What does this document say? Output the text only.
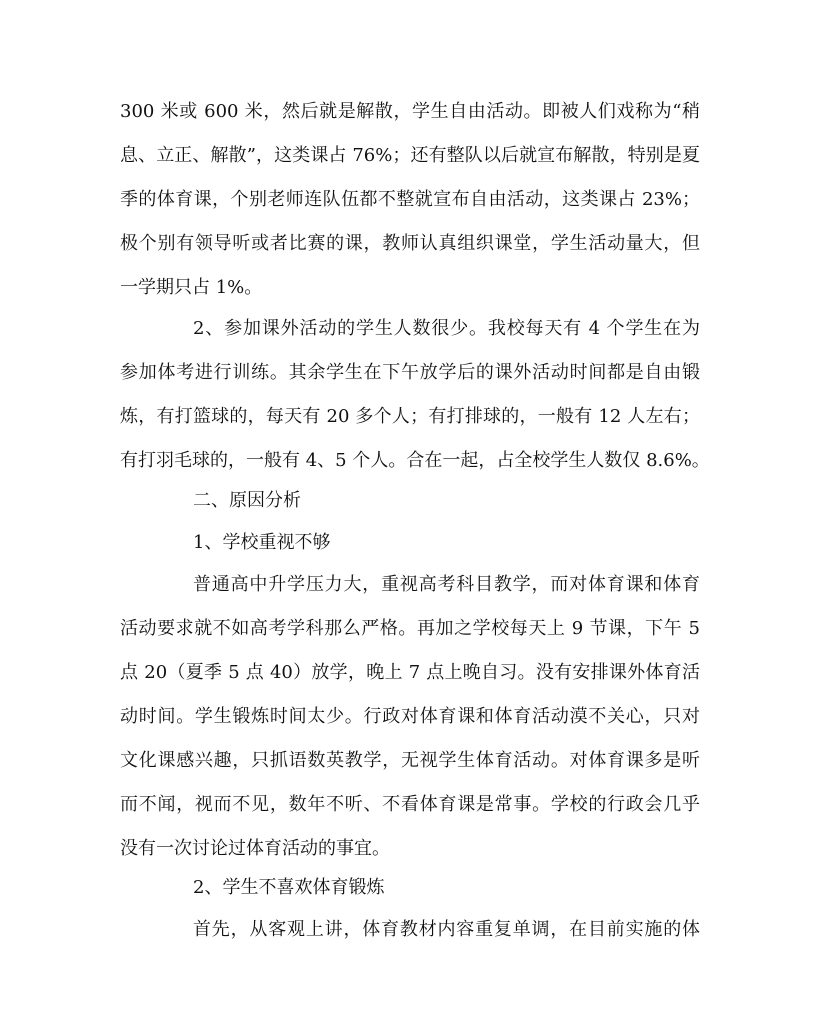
300 米或 600 米，然后就是解散，学生自由活动。即被人们戏称为“稍
息、立正、解散”，这类课占 76%；还有整队以后就宣布解散，特别是夏
季的体育课，个别老师连队伍都不整就宣布自由活动，这类课占 23%；
极个别有领导听或者比赛的课，教师认真组织课堂，学生活动量大，但
一学期只占 1%。
2、参加课外活动的学生人数很少。我校每天有 4 个学生在为
参加体考进行训练。其余学生在下午放学后的课外活动时间都是自由锻
炼，有打篮球的，每天有 20 多个人；有打排球的，一般有 12 人左右；
有打羽毛球的，一般有 4、5 个人。合在一起，占全校学生人数仅 8.6%。
二、原因分析
1、学校重视不够
普通高中升学压力大，重视高考科目教学，而对体育课和体育
活动要求就不如高考学科那么严格。再加之学校每天上 9 节课，下午 5
点 20（夏季 5 点 40）放学，晚上 7 点上晚自习。没有安排课外体育活
动时间。学生锻炼时间太少。行政对体育课和体育活动漠不关心，只对
文化课感兴趣，只抓语数英教学，无视学生体育活动。对体育课多是听
而不闻，视而不见，数年不听、不看体育课是常事。学校的行政会几乎
没有一次讨论过体育活动的事宜。
2、学生不喜欢体育锻炼
首先，从客观上讲，体育教材内容重复单调，在目前实施的体
